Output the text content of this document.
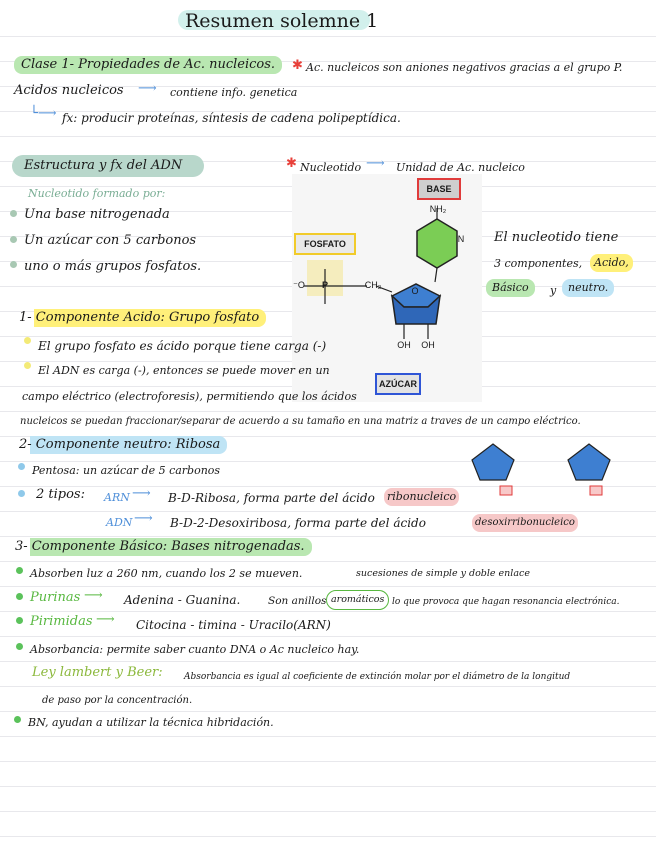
Resumen solemne 1
Clase 1- Propiedades de Ac. nucleicos.	✱ Ac. nucleicos son aniones negativos gracias a el grupo P.
Acidos nucleicos ⟶ contiene info. genetica
└⟶ fx: producir proteínas, síntesis de cadena polipeptídica.
Estructura y fx del ADN	✱ Nucleotido ⟶ Unidad de Ac. nucleico
Nucleotido formado por:
Una base nitrogenada
Un azúcar con 5 carbonos
uno o más grupos fosfatos.
BASE
NH₂
FOSFATO	N
P
⁻O	CH₂
O
OH	OH
AZÚCAR
El nucleotido tiene
3 componentes,	Acido,
Básico	y	neutro.
1- Componente Acido: Grupo fosfato
El grupo fosfato es ácido porque tiene carga (-)
El ADN es carga (-), entonces se puede mover en un
campo eléctrico (electroforesis), permitiendo que los ácidos
nucleicos se puedan fraccionar/separar de acuerdo a su tamaño en una matriz a traves de un campo eléctrico.
2- Componente neutro: Ribosa
Pentosa: un azúcar de 5 carbonos
2 tipos: ARN ⟶ B-D-Ribosa, forma parte del ácido ribonucleico
ADN ⟶ B-D-2-Desoxiribosa, forma parte del ácido	desoxirribonucleico
3- Componente Básico: Bases nitrogenadas.
Absorben luz a 260 nm, cuando los 2 se mueven.	sucesiones de simple y doble enlace
Purinas ⟶ Adenina - Guanina.	Son anillos aromáticos lo que provoca que hagan resonancia electrónica.
Pirimidas ⟶ Citocina - timina - Uracilo(ARN)
Absorbancia: permite saber cuanto DNA o Ac nucleico hay.
Ley lambert y Beer: Absorbancia es igual al coeficiente de extinción molar por el diámetro de la longitud
de paso por la concentración.
BN, ayudan a utilizar la técnica hibridación.
